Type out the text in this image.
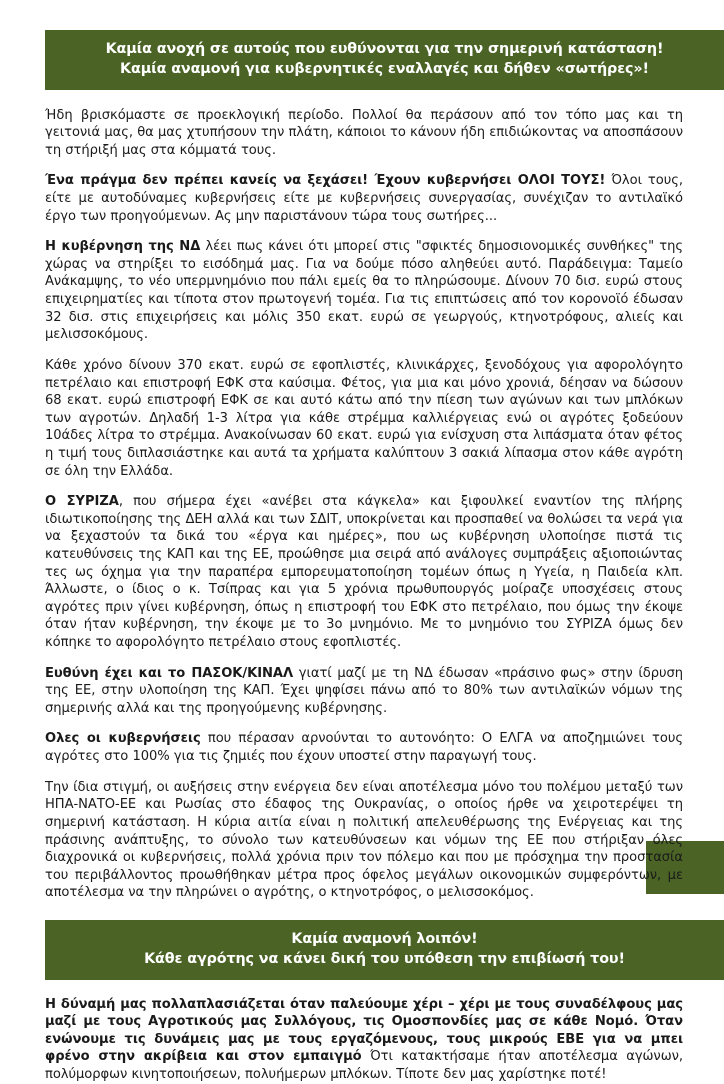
Καμία ανοχή σε αυτούς που ευθύνονται για την σημερινή κατάσταση!
Καμία αναμονή για κυβερνητικές εναλλαγές και δήθεν «σωτήρες»!

Ήδη βρισκόμαστε σε προεκλογική περίοδο. Πολλοί θα περάσουν από τον τόπο μας και τη γειτονιά μας, θα μας χτυπήσουν την πλάτη, κάποιοι το κάνουν ήδη επιδιώκοντας να αποσπάσουν τη στήριξή μας στα κόμματά τους.

Ένα πράγμα δεν πρέπει κανείς να ξεχάσει! Έχουν κυβερνήσει ΟΛΟΙ ΤΟΥΣ! Όλοι τους, είτε με αυτοδύναμες κυβερνήσεις είτε με κυβερνήσεις συνεργασίας, συνέχιζαν το αντιλαϊκό έργο των προηγούμενων. Ας μην παριστάνουν τώρα τους σωτήρες...

Η κυβέρνηση της ΝΔ λέει πως κάνει ότι μπορεί στις "σφικτές δημοσιονομικές συνθήκες" της χώρας να στηρίξει το εισόδημά μας. Για να δούμε πόσο αληθεύει αυτό. Παράδειγμα: Ταμείο Ανάκαμψης, το νέο υπερμνημόνιο που πάλι εμείς θα το πληρώσουμε. Δίνουν 70 δισ. ευρώ στους επιχειρηματίες και τίποτα στον πρωτογενή τομέα. Για τις επιπτώσεις από τον κορονοϊό έδωσαν 32 δισ. στις επιχειρήσεις και μόλις 350 εκατ. ευρώ σε γεωργούς, κτηνοτρόφους, αλιείς και μελισσοκόμους.

Κάθε χρόνο δίνουν 370 εκατ. ευρώ σε εφοπλιστές, κλινικάρχες, ξενοδόχους για αφορολόγητο πετρέλαιο και επιστροφή ΕΦΚ στα καύσιμα. Φέτος, για μια και μόνο χρονιά, δέησαν να δώσουν 68 εκατ. ευρώ επιστροφή ΕΦΚ σε και αυτό κάτω από την πίεση των αγώνων και των μπλόκων των αγροτών. Δηλαδή 1-3 λίτρα για κάθε στρέμμα καλλιέργειας ενώ οι αγρότες ξοδεύουν 10άδες λίτρα το στρέμμα. Ανακοίνωσαν 60 εκατ. ευρώ για ενίσχυση στα λιπάσματα όταν φέτος η τιμή τους διπλασιάστηκε και αυτά τα χρήματα καλύπτουν 3 σακιά λίπασμα στον κάθε αγρότη σε όλη την Ελλάδα.

Ο ΣΥΡΙΖΑ, που σήμερα έχει «ανέβει στα κάγκελα» και ξιφουλκεί εναντίον της πλήρης ιδιωτικοποίησης της ΔΕΗ αλλά και των ΣΔΙΤ, υποκρίνεται και προσπαθεί να θολώσει τα νερά για να ξεχαστούν τα δικά του «έργα και ημέρες», που ως κυβέρνηση υλοποίησε πιστά τις κατευθύνσεις της ΚΑΠ και της ΕΕ, προώθησε μια σειρά από ανάλογες συμπράξεις αξιοποιώντας τες ως όχημα για την παραπέρα εμπορευματοποίηση τομέων όπως η Υγεία, η Παιδεία κλπ. Άλλωστε, ο ίδιος ο κ. Τσίπρας και για 5 χρόνια πρωθυπουργός μοίραζε υποσχέσεις στους αγρότες πριν γίνει κυβέρνηση, όπως η επιστροφή του ΕΦΚ στο πετρέλαιο, που όμως την έκοψε όταν ήταν κυβέρνηση, την έκοψε με το 3ο μνημόνιο. Με το μνημόνιο του ΣΥΡΙΖΑ όμως δεν κόπηκε το αφορολόγητο πετρέλαιο στους εφοπλιστές.

Ευθύνη έχει και το ΠΑΣΟΚ/ΚΙΝΑΛ γιατί μαζί με τη ΝΔ έδωσαν «πράσινο φως» στην ίδρυση της ΕΕ, στην υλοποίηση της ΚΑΠ. Έχει ψηφίσει πάνω από το 80% των αντιλαϊκών νόμων της σημερινής αλλά και της προηγούμενης κυβέρνησης.

Ολες οι κυβερνήσεις που πέρασαν αρνούνται το αυτονόητο: Ο ΕΛΓΑ να αποζημιώνει τους αγρότες στο 100% για τις ζημιές που έχουν υποστεί στην παραγωγή τους.

Την ίδια στιγμή, οι αυξήσεις στην ενέργεια δεν είναι αποτέλεσμα μόνο του πολέμου μεταξύ των ΗΠΑ-ΝΑΤΟ-ΕΕ και Ρωσίας στο έδαφος της Ουκρανίας, ο οποίος ήρθε να χειροτερέψει τη σημερινή κατάσταση. Η κύρια αιτία είναι η πολιτική απελευθέρωσης της Ενέργειας και της πράσινης ανάπτυξης, το σύνολο των κατευθύνσεων και νόμων της ΕΕ που στήριξαν όλες διαχρονικά οι κυβερνήσεις, πολλά χρόνια πριν τον πόλεμο και που με πρόσχημα την προστασία του περιβάλλοντος προωθήθηκαν μέτρα προς όφελος μεγάλων οικονομικών συμφερόντων, με αποτέλεσμα να την πληρώνει ο αγρότης, ο κτηνοτρόφος, ο μελισσοκόμος.

Καμία αναμονή λοιπόν!
Κάθε αγρότης να κάνει δική του υπόθεση την επιβίωσή του!

Η δύναμή μας πολλαπλασιάζεται όταν παλεύουμε χέρι – χέρι με τους συναδέλφους μας μαζί με τους Αγροτικούς μας Συλλόγους, τις Ομοσπονδίες μας σε κάθε Νομό. Όταν ενώνουμε τις δυνάμεις μας με τους εργαζόμενους, τους μικρούς ΕΒΕ για να μπει φρένο στην ακρίβεια και στον εμπαιγμό Ότι κατακτήσαμε ήταν αποτέλεσμα αγώνων, πολύμορφων κινητοποιήσεων, πολυήμερων μπλόκων. Τίποτε δεν μας χαρίστηκε ποτέ!
